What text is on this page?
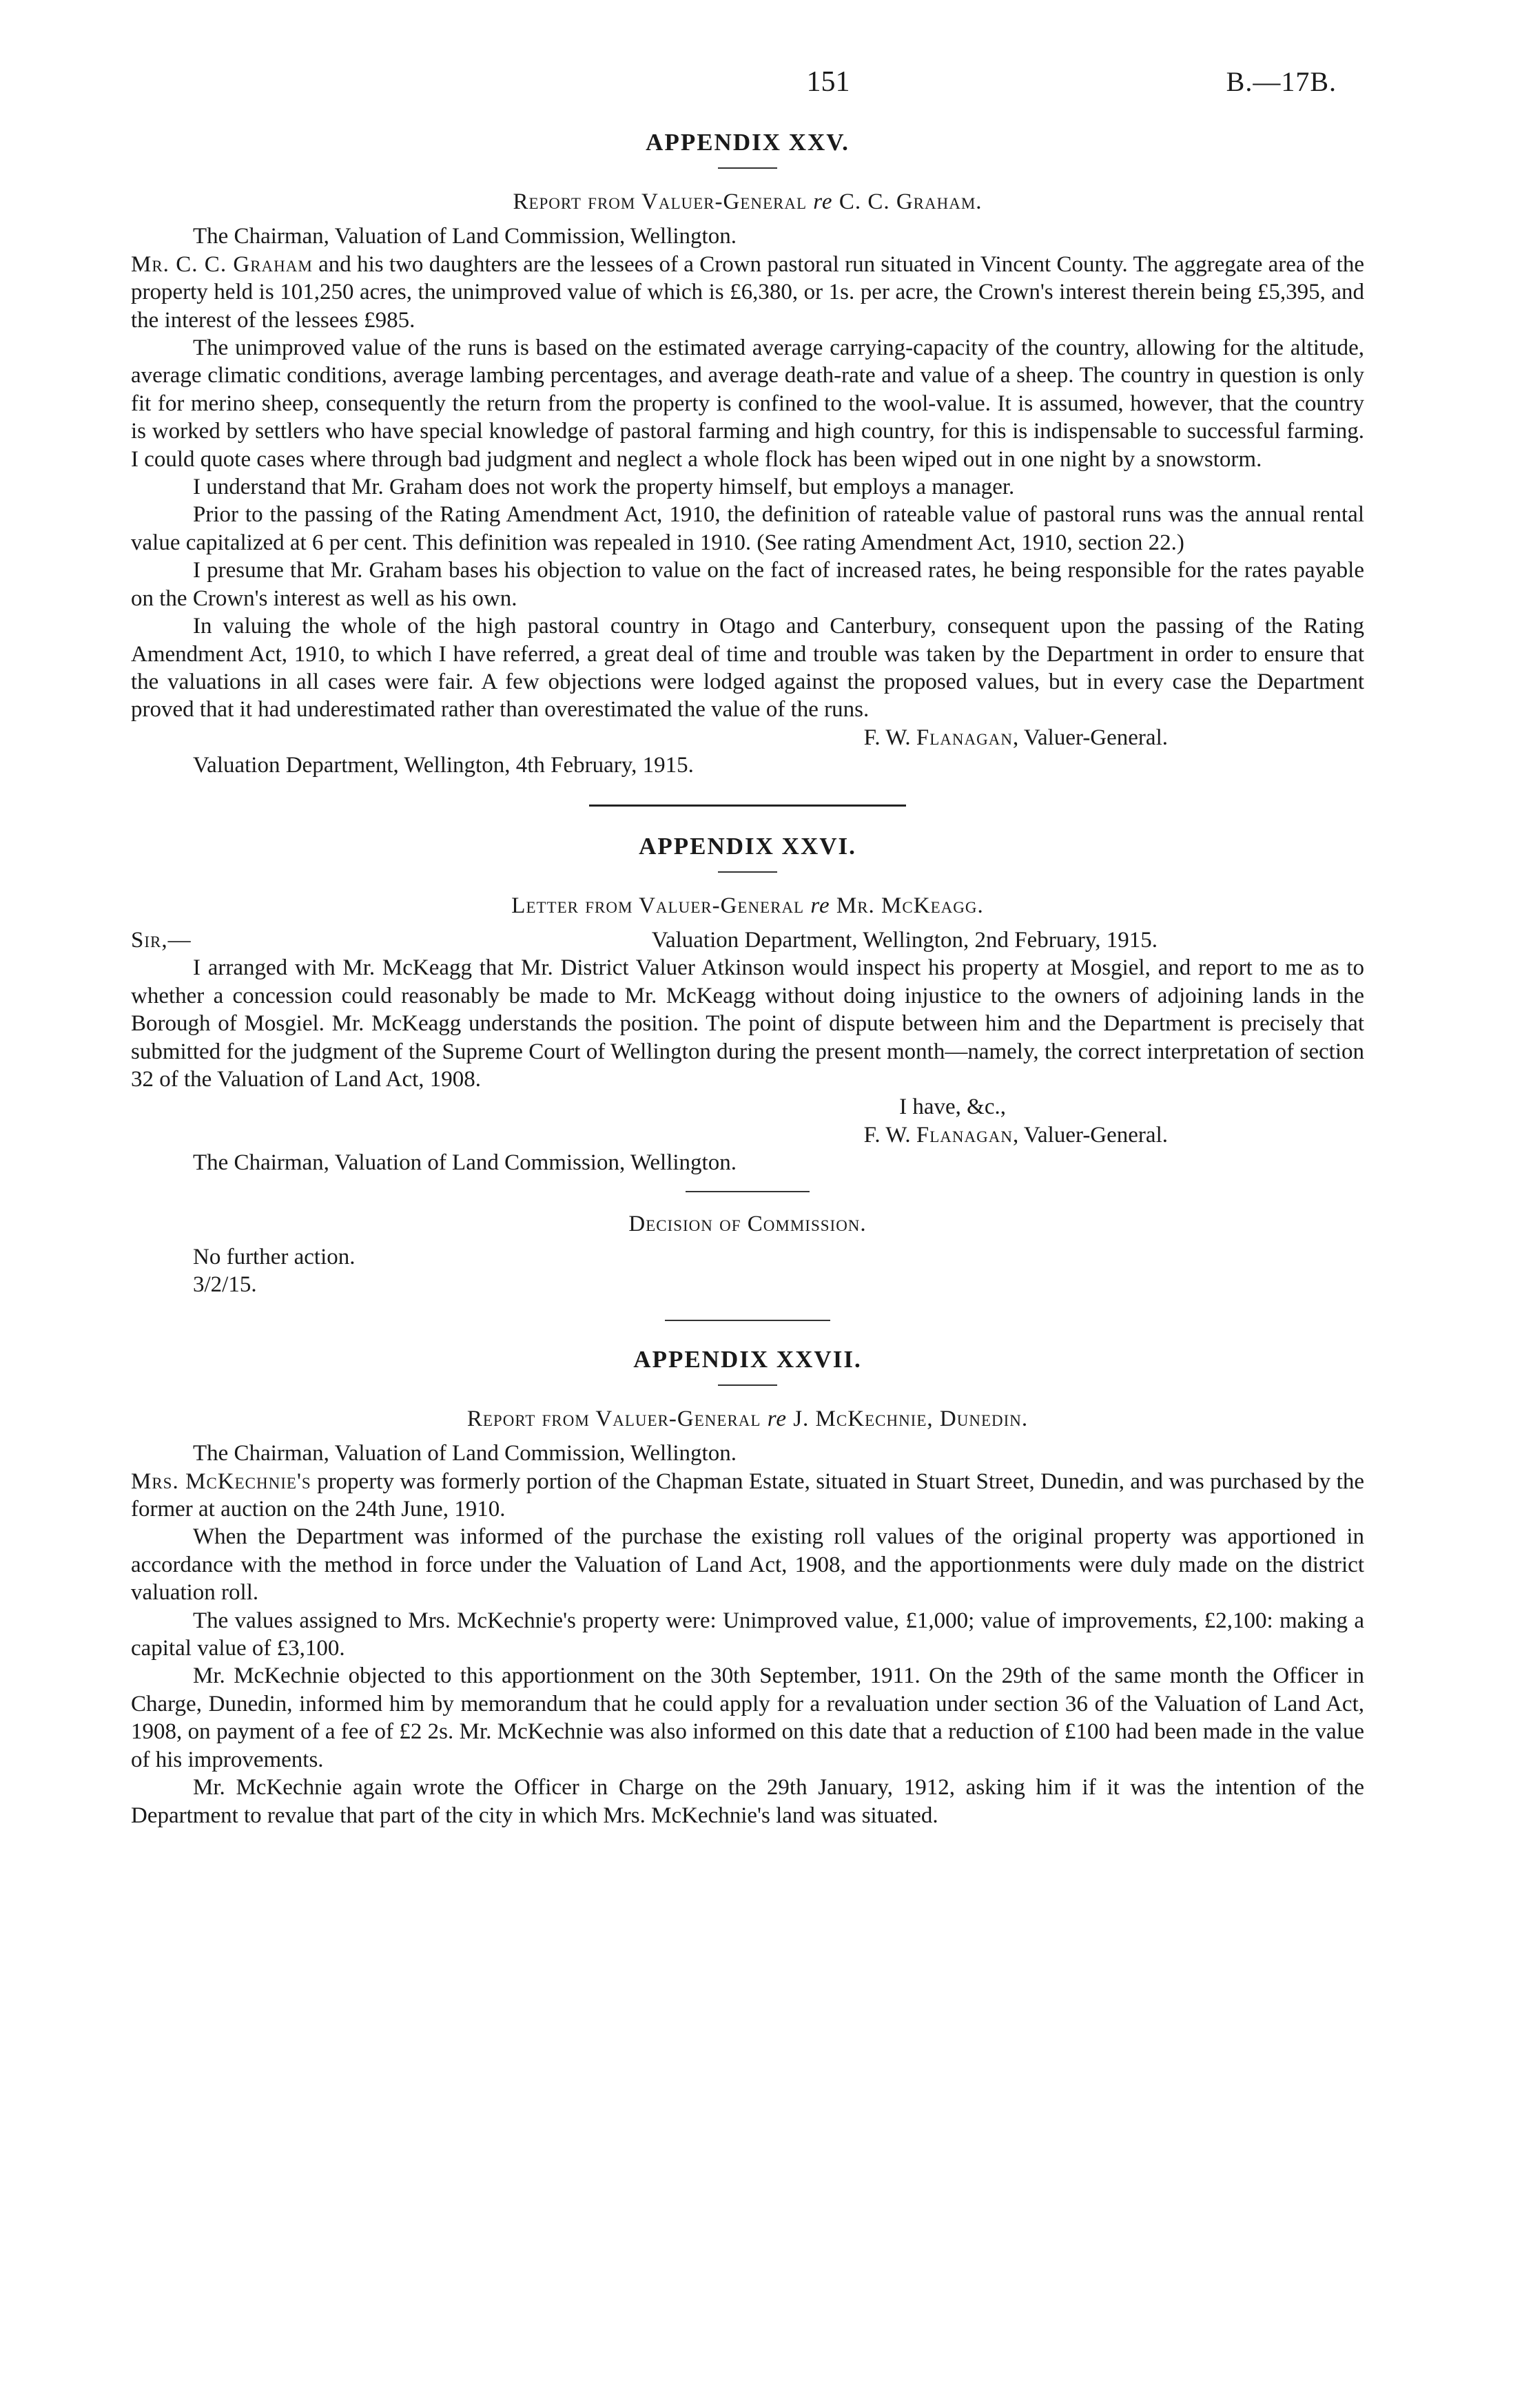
151	B.—17B.
APPENDIX XXV.

Report from Valuer-General re C. C. Graham.

The Chairman, Valuation of Land Commission, Wellington.

Mr. C. C. Graham and his two daughters are the lessees of a Crown pastoral run situated in Vincent County. The aggregate area of the property held is 101,250 acres, the unimproved value of which is £6,380, or 1s. per acre, the Crown's interest therein being £5,395, and the interest of the lessees £985.

The unimproved value of the runs is based on the estimated average carrying-capacity of the country, allowing for the altitude, average climatic conditions, average lambing percentages, and average death-rate and value of a sheep. The country in question is only fit for merino sheep, consequently the return from the property is confined to the wool-value. It is assumed, however, that the country is worked by settlers who have special knowledge of pastoral farming and high country, for this is indispensable to successful farming. I could quote cases where through bad judgment and neglect a whole flock has been wiped out in one night by a snowstorm.

I understand that Mr. Graham does not work the property himself, but employs a manager.

Prior to the passing of the Rating Amendment Act, 1910, the definition of rateable value of pastoral runs was the annual rental value capitalized at 6 per cent. This definition was repealed in 1910. (See rating Amendment Act, 1910, section 22.)

I presume that Mr. Graham bases his objection to value on the fact of increased rates, he being responsible for the rates payable on the Crown's interest as well as his own.

In valuing the whole of the high pastoral country in Otago and Canterbury, consequent upon the passing of the Rating Amendment Act, 1910, to which I have referred, a great deal of time and trouble was taken by the Department in order to ensure that the valuations in all cases were fair. A few objections were lodged against the proposed values, but in every case the Department proved that it had underestimated rather than overestimated the value of the runs.

F. W. Flanagan, Valuer-General.

Valuation Department, Wellington, 4th February, 1915.

APPENDIX XXVI.

Letter from Valuer-General re Mr. McKeagg.

Sir,—	Valuation Department, Wellington, 2nd February, 1915.

I arranged with Mr. McKeagg that Mr. District Valuer Atkinson would inspect his property at Mosgiel, and report to me as to whether a concession could reasonably be made to Mr. McKeagg without doing injustice to the owners of adjoining lands in the Borough of Mosgiel. Mr. McKeagg understands the position. The point of dispute between him and the Department is precisely that submitted for the judgment of the Supreme Court of Wellington during the present month—namely, the correct interpretation of section 32 of the Valuation of Land Act, 1908.

I have, &c.,

F. W. Flanagan, Valuer-General.

The Chairman, Valuation of Land Commission, Wellington.

Decision of Commission.

No further action.

3/2/15.

APPENDIX XXVII.

Report from Valuer-General re J. McKechnie, Dunedin.

The Chairman, Valuation of Land Commission, Wellington.

Mrs. McKechnie's property was formerly portion of the Chapman Estate, situated in Stuart Street, Dunedin, and was purchased by the former at auction on the 24th June, 1910.

When the Department was informed of the purchase the existing roll values of the original property was apportioned in accordance with the method in force under the Valuation of Land Act, 1908, and the apportionments were duly made on the district valuation roll.

The values assigned to Mrs. McKechnie's property were: Unimproved value, £1,000; value of improvements, £2,100: making a capital value of £3,100.

Mr. McKechnie objected to this apportionment on the 30th September, 1911. On the 29th of the same month the Officer in Charge, Dunedin, informed him by memorandum that he could apply for a revaluation under section 36 of the Valuation of Land Act, 1908, on payment of a fee of £2 2s. Mr. McKechnie was also informed on this date that a reduction of £100 had been made in the value of his improvements.

Mr. McKechnie again wrote the Officer in Charge on the 29th January, 1912, asking him if it was the intention of the Department to revalue that part of the city in which Mrs. McKechnie's land was situated.
